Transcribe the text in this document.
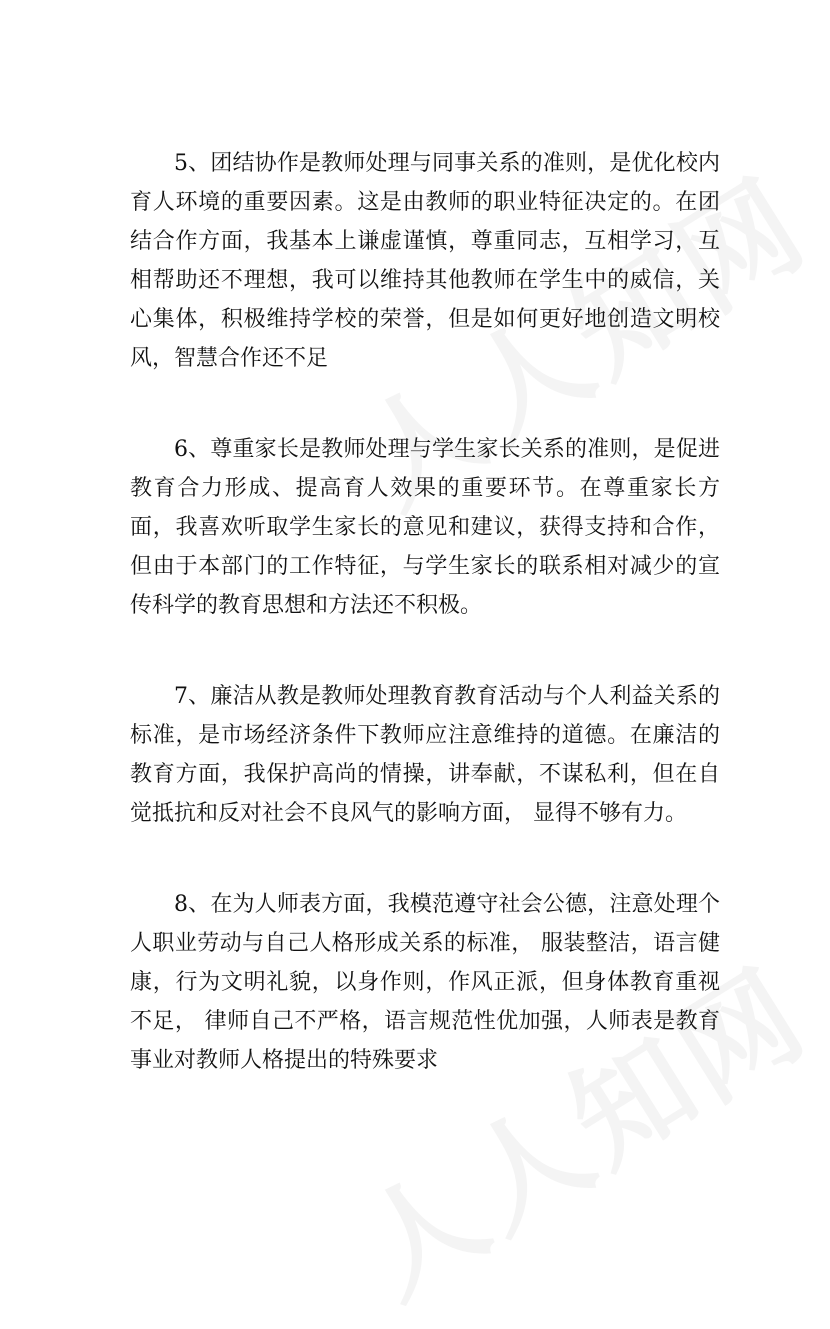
5、团结协作是教师处理与同事关系的准则，是优化校内育人环境的重要因素。这是由教师的职业特征决定的。在团结合作方面，我基本上谦虚谨慎，尊重同志，互相学习，互相帮助还不理想，我可以维持其他教师在学生中的威信，关心集体，积极维持学校的荣誉，但是如何更好地创造文明校风，智慧合作还不足

6、尊重家长是教师处理与学生家长关系的准则，是促进教育合力形成、提高育人效果的重要环节。在尊重家长方面，我喜欢听取学生家长的意见和建议，获得支持和合作，但由于本部门的工作特征，与学生家长的联系相对减少的宣传科学的教育思想和方法还不积极。

7、廉洁从教是教师处理教育教育活动与个人利益关系的标准，是市场经济条件下教师应注意维持的道德。在廉洁的教育方面，我保护高尚的情操，讲奉献，不谋私利，但在自觉抵抗和反对社会不良风气的影响方面， 显得不够有力。

8、在为人师表方面，我模范遵守社会公德，注意处理个人职业劳动与自己人格形成关系的标准， 服装整洁，语言健康，行为文明礼貌，以身作则，作风正派，但身体教育重视不足， 律师自己不严格，语言规范性优加强，人师表是教育事业对教师人格提出的特殊要求
